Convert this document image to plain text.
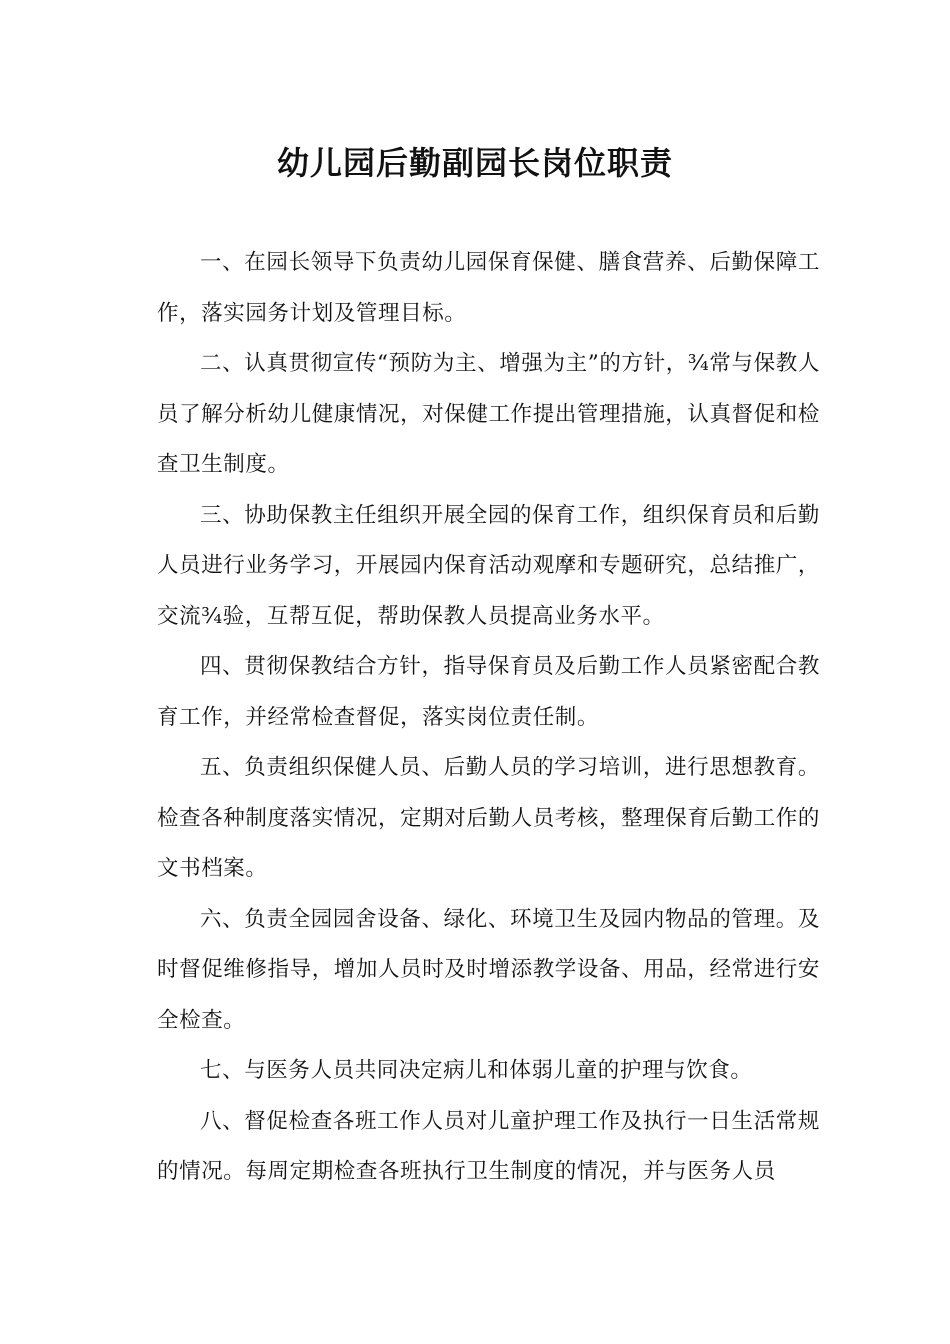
幼儿园后勤副园长岗位职责

一、在园长领导下负责幼儿园保育保健、膳食营养、后勤保障工作，落实园务计划及管理目标。

二、认真贯彻宣传“预防为主、增强为主”的方针，¾常与保教人员了解分析幼儿健康情况，对保健工作提出管理措施，认真督促和检查卫生制度。

三、协助保教主任组织开展全园的保育工作，组织保育员和后勤人员进行业务学习，开展园内保育活动观摩和专题研究，总结推广，交流¾验，互帮互促，帮助保教人员提高业务水平。

四、贯彻保教结合方针，指导保育员及后勤工作人员紧密配合教育工作，并经常检查督促，落实岗位责任制。

五、负责组织保健人员、后勤人员的学习培训，进行思想教育。检查各种制度落实情况，定期对后勤人员考核，整理保育后勤工作的文书档案。

六、负责全园园舍设备、绿化、环境卫生及园内物品的管理。及时督促维修指导，增加人员时及时增添教学设备、用品，经常进行安全检查。

七、与医务人员共同决定病儿和体弱儿童的护理与饮食。

八、督促检查各班工作人员对儿童护理工作及执行一日生活常规的情况。每周定期检查各班执行卫生制度的情况，并与医务人员
